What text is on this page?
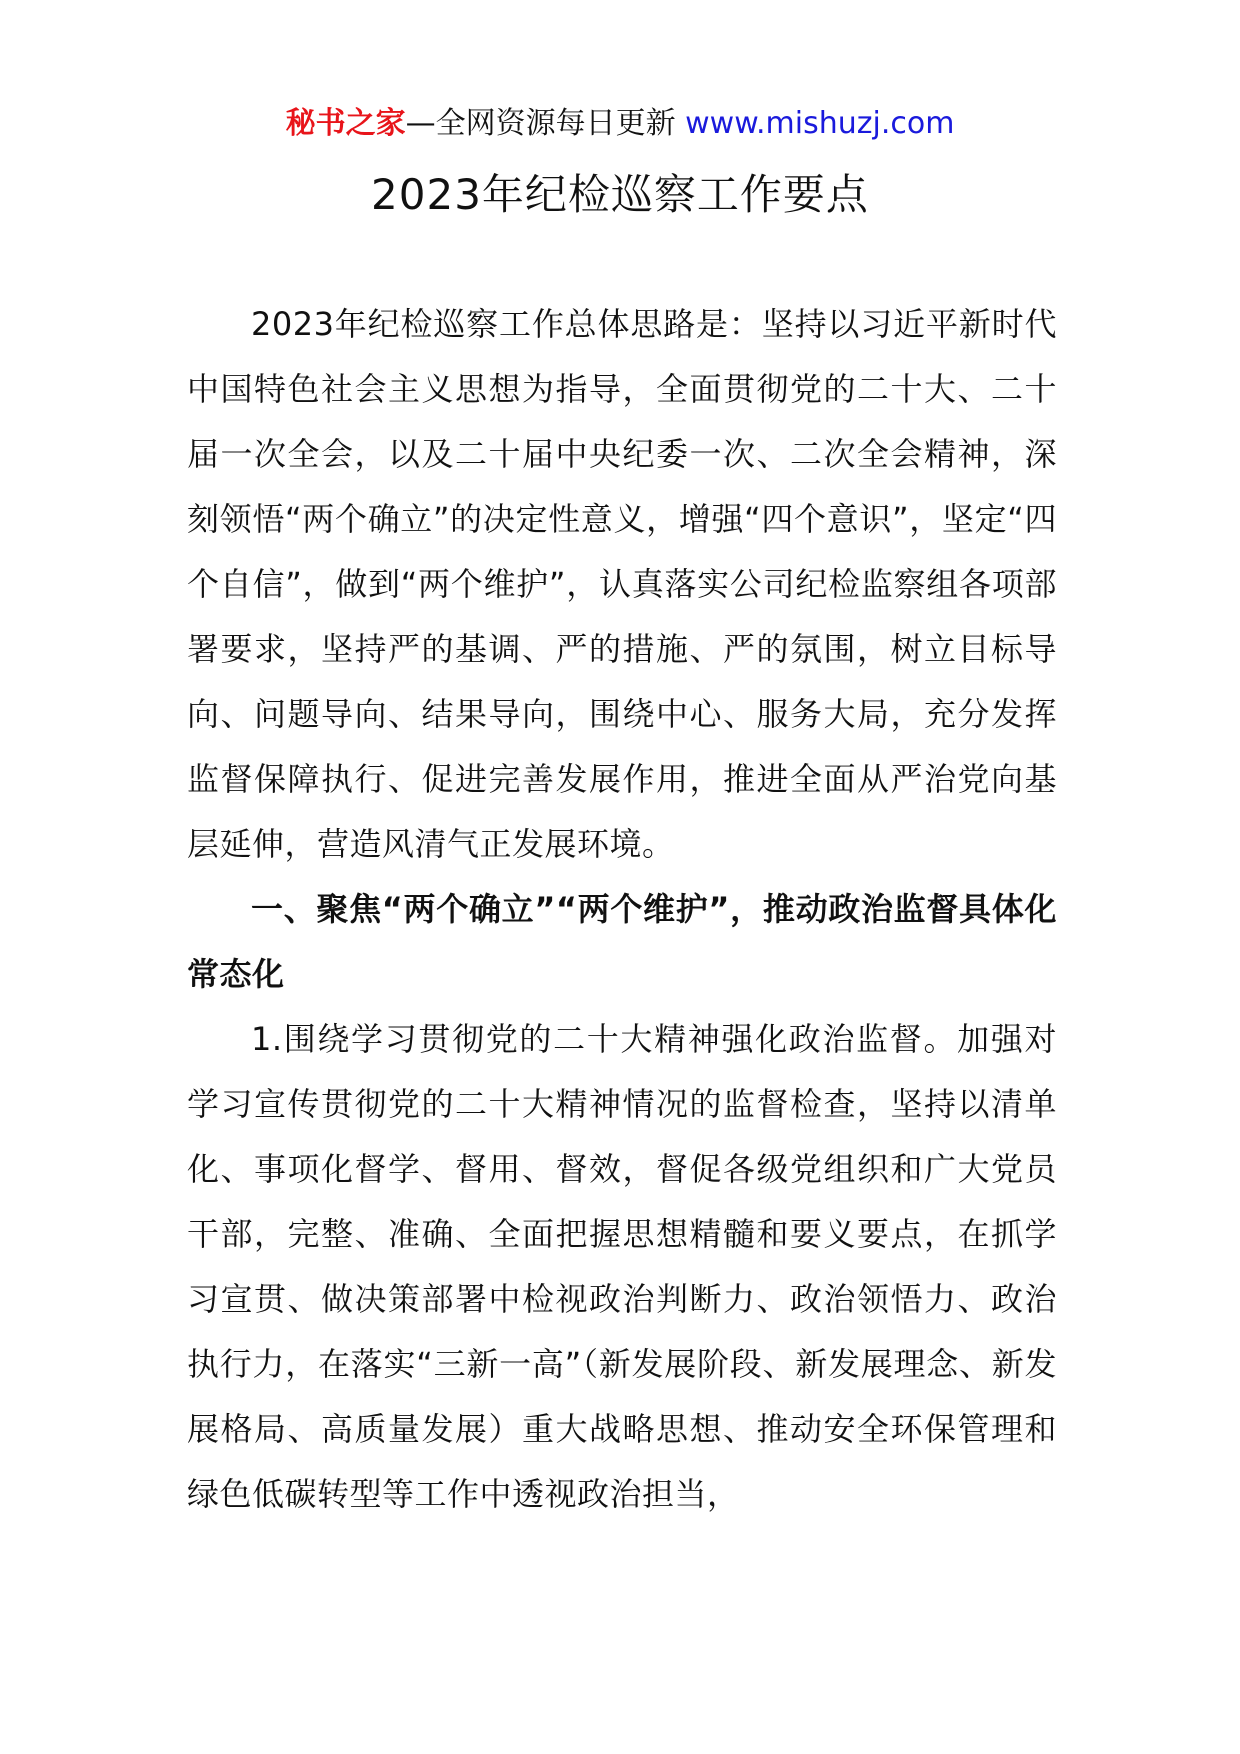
秘书之家—全网资源每日更新 www.mishuzj.com
2023年纪检巡察工作要点

2023年纪检巡察工作总体思路是：坚持以习近平新时代中国特色社会主义思想为指导，全面贯彻党的二十大、二十届一次全会，以及二十届中央纪委一次、二次全会精神，深刻领悟“两个确立”的决定性意义，增强“四个意识”，坚定“四个自信”，做到“两个维护”，认真落实公司纪检监察组各项部署要求，坚持严的基调、严的措施、严的氛围，树立目标导向、问题导向、结果导向，围绕中心、服务大局，充分发挥监督保障执行、促进完善发展作用，推进全面从严治党向基层延伸，营造风清气正发展环境。

一、聚焦“两个确立”“两个维护”，推动政治监督具体化常态化

1.围绕学习贯彻党的二十大精神强化政治监督。加强对学习宣传贯彻党的二十大精神情况的监督检查，坚持以清单化、事项化督学、督用、督效，督促各级党组织和广大党员干部，完整、准确、全面把握思想精髓和要义要点，在抓学习宣贯、做决策部署中检视政治判断力、政治领悟力、政治执行力，在落实“三新一高”（新发展阶段、新发展理念、新发展格局、高质量发展）重大战略思想、推动安全环保管理和绿色低碳转型等工作中透视政治担当，
